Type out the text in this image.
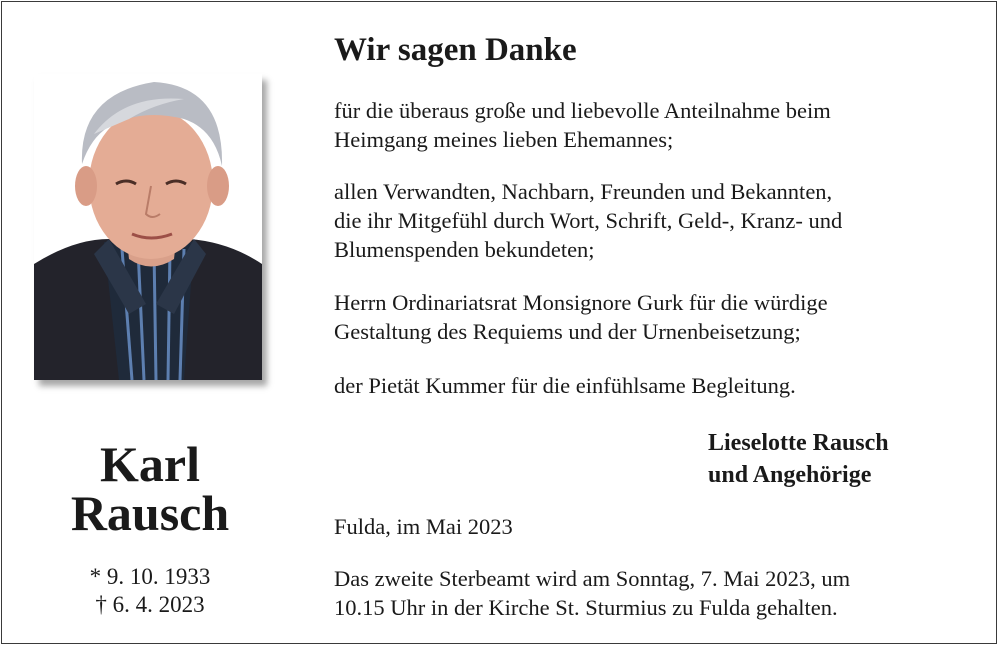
Karl
Rausch
* 9. 10. 1933
† 6. 4. 2023
Wir sagen Danke

für die überaus große und liebevolle Anteilnahme beim
Heimgang meines lieben Ehemannes;

allen Verwandten, Nachbarn, Freunden und Bekannten,
die ihr Mitgefühl durch Wort, Schrift, Geld-, Kranz- und
Blumenspenden bekundeten;

Herrn Ordinariatsrat Monsignore Gurk für die würdige
Gestaltung des Requiems und der Urnenbeisetzung;

der Pietät Kummer für die einfühlsame Begleitung.

Lieselotte Rausch
und Angehörige
Fulda, im Mai 2023

Das zweite Sterbeamt wird am Sonntag, 7. Mai 2023, um
10.15 Uhr in der Kirche St. Sturmius zu Fulda gehalten.
